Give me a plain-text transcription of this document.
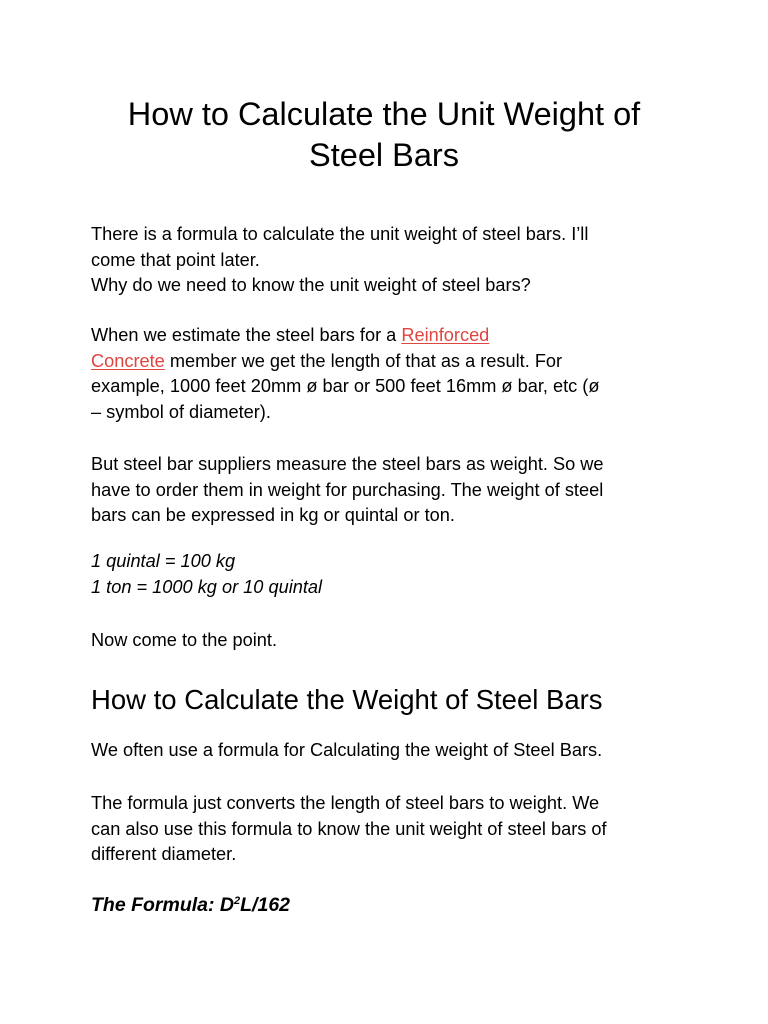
How to Calculate the Unit Weight of
Steel Bars

There is a formula to calculate the unit weight of steel bars. I’ll
come that point later.
Why do we need to know the unit weight of steel bars?

When we estimate the steel bars for a Reinforced
Concrete member we get the length of that as a result. For
example, 1000 feet 20mm ø bar or 500 feet 16mm ø bar, etc (ø
– symbol of diameter).

But steel bar suppliers measure the steel bars as weight. So we
have to order them in weight for purchasing. The weight of steel
bars can be expressed in kg or quintal or ton.

1 quintal = 100 kg
1 ton = 1000 kg or 10 quintal

Now come to the point.

How to Calculate the Weight of Steel Bars

We often use a formula for Calculating the weight of Steel Bars.

The formula just converts the length of steel bars to weight. We
can also use this formula to know the unit weight of steel bars of
different diameter.

The Formula: $D^2L/162$
